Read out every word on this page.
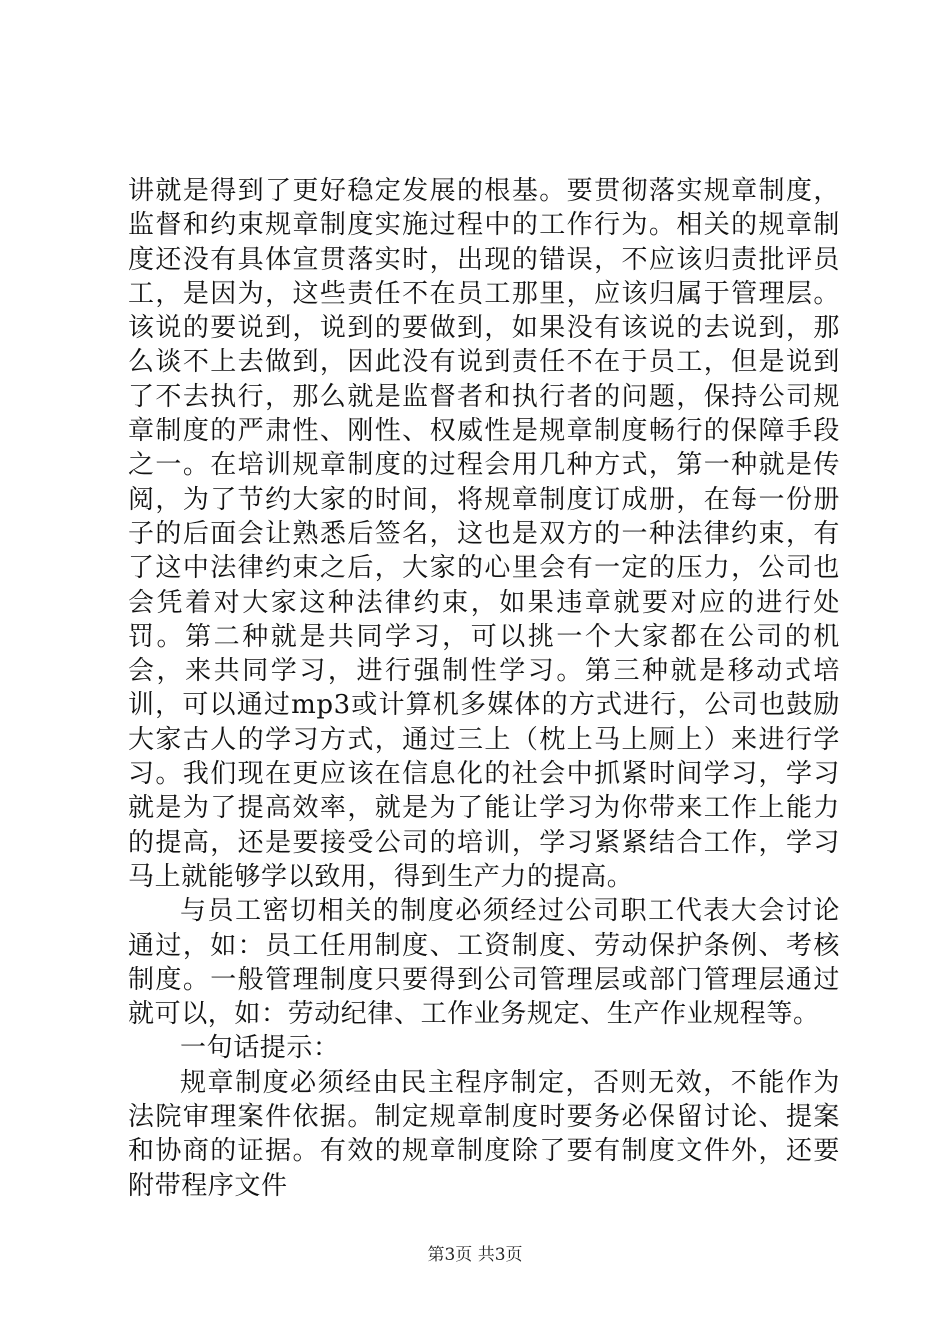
讲就是得到了更好稳定发展的根基。要贯彻落实规章制度，监督和约束规章制度实施过程中的工作行为。相关的规章制度还没有具体宣贯落实时，出现的错误，不应该归责批评员工，是因为，这些责任不在员工那里，应该归属于管理层。该说的要说到，说到的要做到，如果没有该说的去说到，那么谈不上去做到，因此没有说到责任不在于员工，但是说到了不去执行，那么就是监督者和执行者的问题，保持公司规章制度的严肃性、刚性、权威性是规章制度畅行的保障手段之一。在培训规章制度的过程会用几种方式，第一种就是传阅，为了节约大家的时间，将规章制度订成册，在每一份册子的后面会让熟悉后签名，这也是双方的一种法律约束，有了这中法律约束之后，大家的心里会有一定的压力，公司也会凭着对大家这种法律约束，如果违章就要对应的进行处罚。第二种就是共同学习，可以挑一个大家都在公司的机会，来共同学习，进行强制性学习。第三种就是移动式培训，可以通过mp3或计算机多媒体的方式进行，公司也鼓励大家古人的学习方式，通过三上（枕上马上厕上）来进行学习。我们现在更应该在信息化的社会中抓紧时间学习，学习就是为了提高效率，就是为了能让学习为你带来工作上能力的提高，还是要接受公司的培训，学习紧紧结合工作，学习马上就能够学以致用，得到生产力的提高。

与员工密切相关的制度必须经过公司职工代表大会讨论通过，如：员工任用制度、工资制度、劳动保护条例、考核制度。一般管理制度只要得到公司管理层或部门管理层通过就可以，如：劳动纪律、工作业务规定、生产作业规程等。

一句话提示：

规章制度必须经由民主程序制定，否则无效，不能作为法院审理案件依据。制定规章制度时要务必保留讨论、提案和协商的证据。有效的规章制度除了要有制度文件外，还要附带程序文件

第3页 共3页
